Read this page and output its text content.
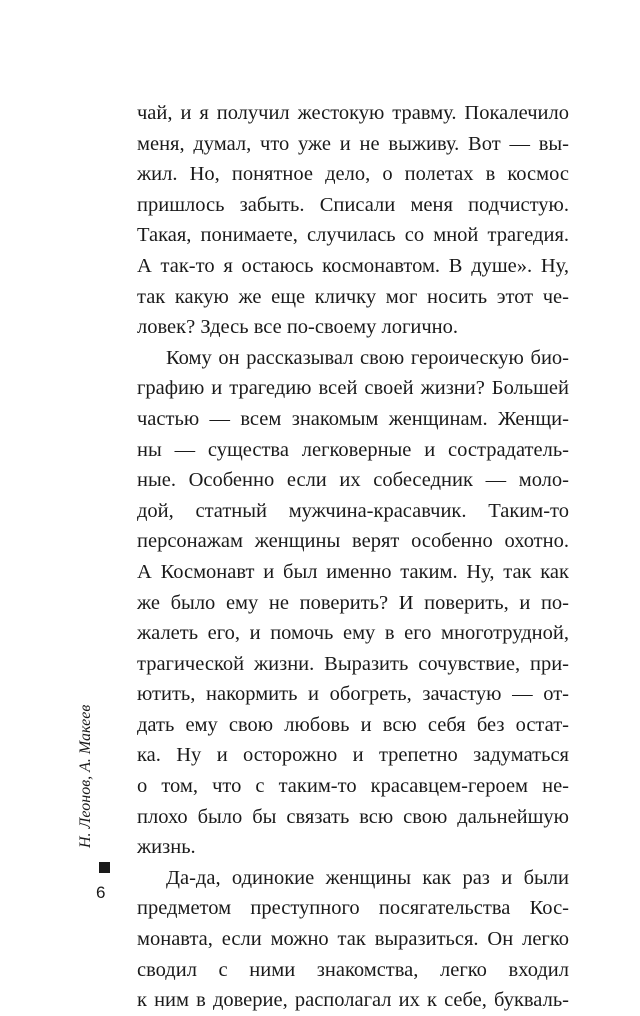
чай, и я получил жестокую травму. Покалечило
меня, думал, что уже и не выживу. Вот — вы-
жил. Но, понятное дело, о полетах в космос
пришлось забыть. Списали меня подчистую.
Такая, понимаете, случилась со мной трагедия.
А так-то я остаюсь космонавтом. В душе». Ну,
так какую же еще кличку мог носить этот че-
ловек? Здесь все по-своему логично.
Кому он рассказывал свою героическую био-
графию и трагедию всей своей жизни? Большей
частью — всем знакомым женщинам. Женщи-
ны — существа легковерные и сострадатель-
ные. Особенно если их собеседник — моло-
дой, статный мужчина-красавчик. Таким-то
персонажам женщины верят особенно охотно.
А Космонавт и был именно таким. Ну, так как
же было ему не поверить? И поверить, и по-
жалеть его, и помочь ему в его многотрудной,
трагической жизни. Выразить сочувствие, при-
ютить, накормить и обогреть, зачастую — от-
дать ему свою любовь и всю себя без остат-
ка. Ну и осторожно и трепетно задуматься
о том, что с таким-то красавцем-героем не-
плохо было бы связать всю свою дальнейшую
жизнь.
Да-да, одинокие женщины как раз и были
предметом преступного посягательства Кос-
монавта, если можно так выразиться. Он легко
сводил с ними знакомства, легко входил
к ним в доверие, располагал их к себе, букваль-
Н. Леонов, А. Макеев
6
